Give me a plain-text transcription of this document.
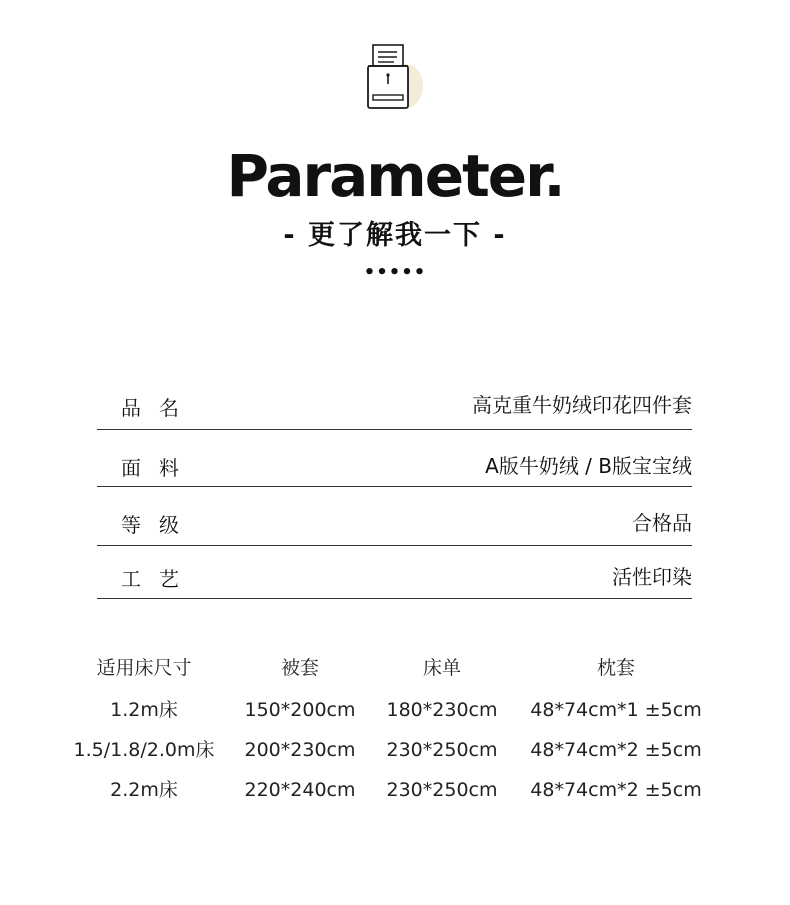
Parameter.
- 更了解我一下 -
•••••
品名	高克重牛奶绒印花四件套
面料	A版牛奶绒 / B版宝宝绒
等级	合格品
工艺	活性印染
适用床尺寸	被套	床单	枕套
1.2m床	150*200cm 180*230cm 48*74cm*1 ±5cm
1.5/1.8/2.0m床 200*230cm 230*250cm 48*74cm*2 ±5cm
2.2m床	220*240cm 230*250cm 48*74cm*2 ±5cm
